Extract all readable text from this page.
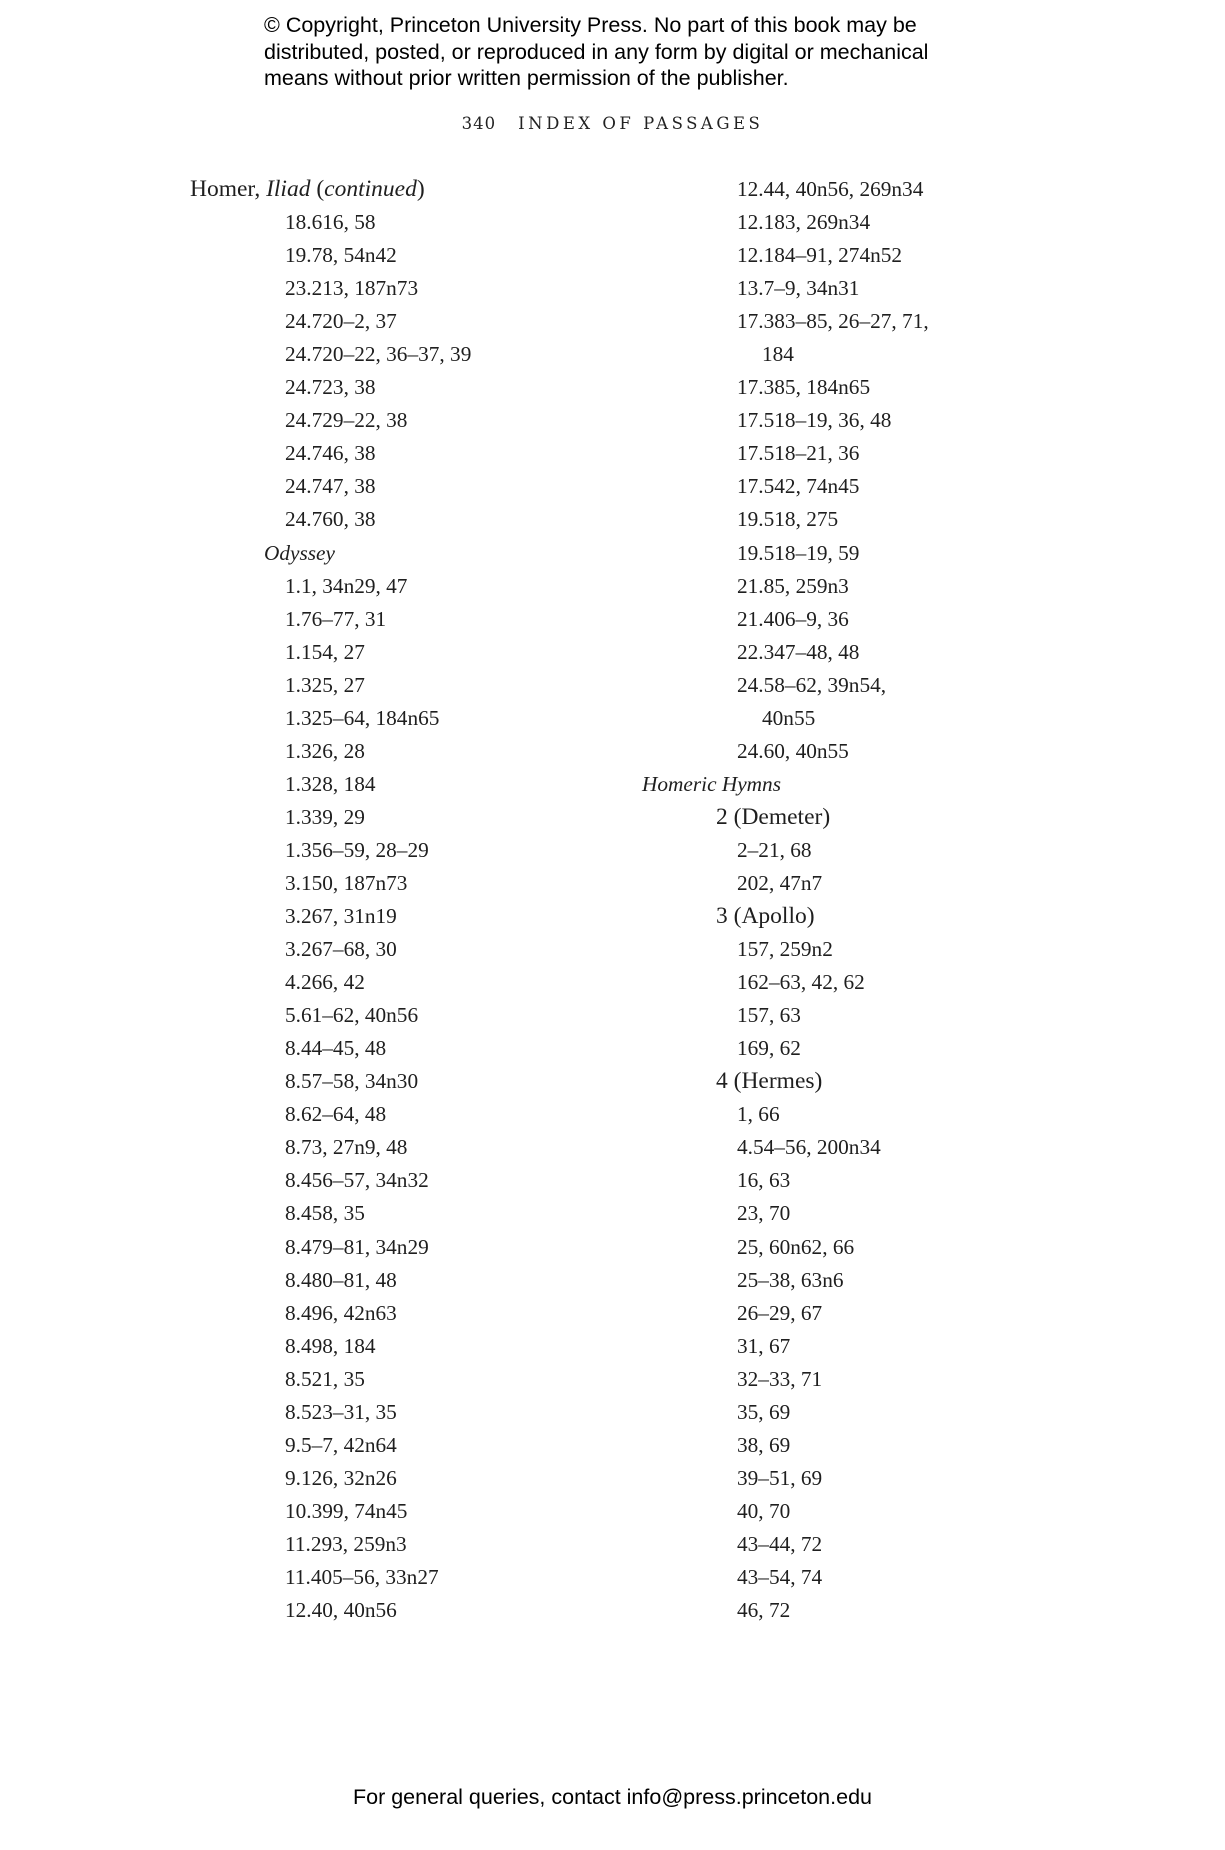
© Copyright, Princeton University Press. No part of this book may be
distributed, posted, or reproduced in any form by digital or mechanical
means without prior written permission of the publisher.
340 INDEX OF PASSAGES
Homer, Iliad (continued)
18.616, 58
19.78, 54n42
23.213, 187n73
24.720–2, 37
24.720–22, 36–37, 39
24.723, 38
24.729–22, 38
24.746, 38
24.747, 38
24.760, 38
Odyssey
1.1, 34n29, 47
1.76–77, 31
1.154, 27
1.325, 27
1.325–64, 184n65
1.326, 28
1.328, 184
1.339, 29
1.356–59, 28–29
3.150, 187n73
3.267, 31n19
3.267–68, 30
4.266, 42
5.61–62, 40n56
8.44–45, 48
8.57–58, 34n30
8.62–64, 48
8.73, 27n9, 48
8.456–57, 34n32
8.458, 35
8.479–81, 34n29
8.480–81, 48
8.496, 42n63
8.498, 184
8.521, 35
8.523–31, 35
9.5–7, 42n64
9.126, 32n26
10.399, 74n45
11.293, 259n3
11.405–56, 33n27
12.40, 40n56
12.44, 40n56, 269n34
12.183, 269n34
12.184–91, 274n52
13.7–9, 34n31
17.383–85, 26–27, 71,
184
17.385, 184n65
17.518–19, 36, 48
17.518–21, 36
17.542, 74n45
19.518, 275
19.518–19, 59
21.85, 259n3
21.406–9, 36
22.347–48, 48
24.58–62, 39n54,
40n55
24.60, 40n55
Homeric Hymns
2 (Demeter)
2–21, 68
202, 47n7
3 (Apollo)
157, 259n2
162–63, 42, 62
157, 63
169, 62
4 (Hermes)
1, 66
4.54–56, 200n34
16, 63
23, 70
25, 60n62, 66
25–38, 63n6
26–29, 67
31, 67
32–33, 71
35, 69
38, 69
39–51, 69
40, 70
43–44, 72
43–54, 74
46, 72
For general queries, contact info@press.princeton.edu
